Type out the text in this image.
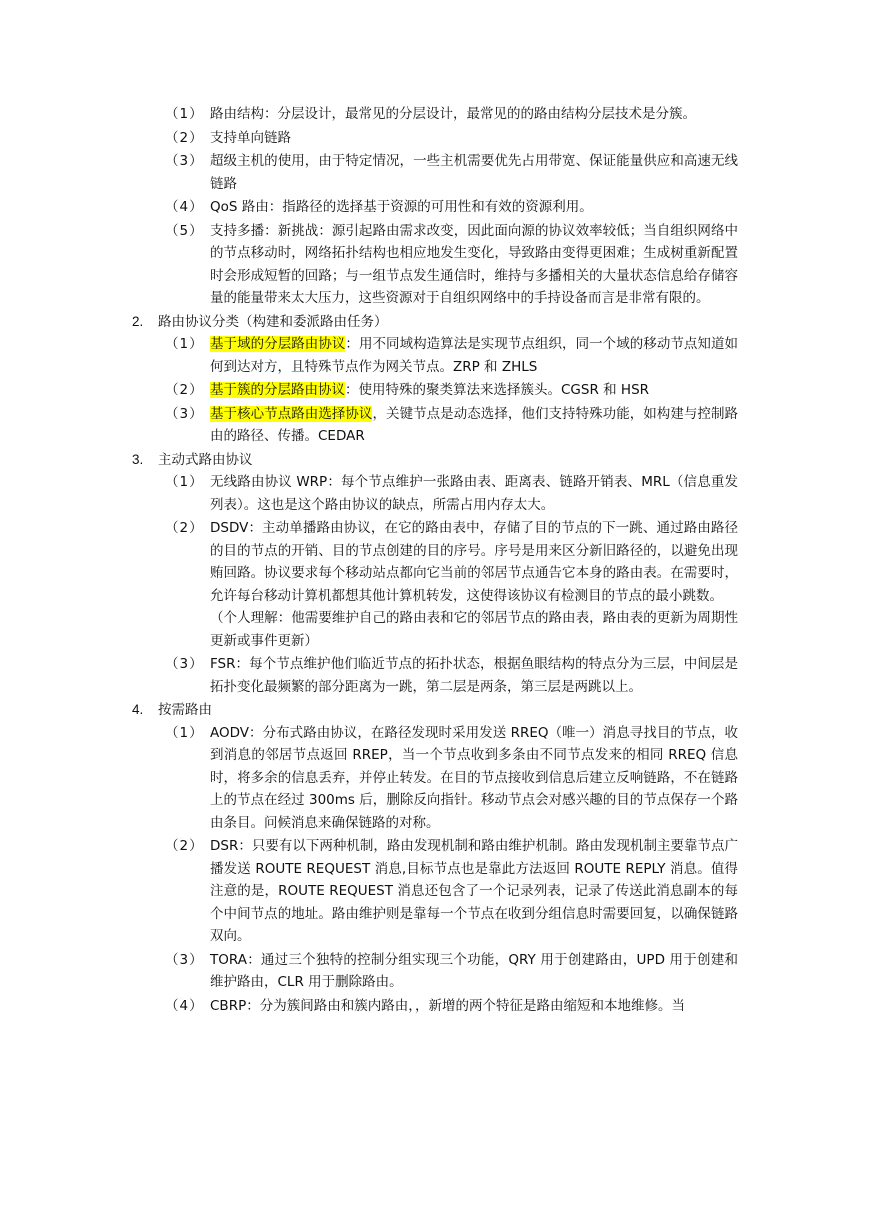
（1） 路由结构：分层设计，最常见的分层设计，最常见的的路由结构分层技术是分簇。
（2） 支持单向链路
（3） 超级主机的使用，由于特定情况，一些主机需要优先占用带宽、保证能量供应和高速无线链路
（4） QoS 路由：指路径的选择基于资源的可用性和有效的资源利用。
（5） 支持多播：新挑战：源引起路由需求改变，因此面向源的协议效率较低；当自组织网络中的节点移动时，网络拓扑结构也相应地发生变化，导致路由变得更困难；生成树重新配置时会形成短暂的回路；与一组节点发生通信时，维持与多播相关的大量状态信息给存储容量的能量带来太大压力，这些资源对于自组织网络中的手持设备而言是非常有限的。
2. 路由协议分类（构建和委派路由任务）
（1） 基于域的分层路由协议：用不同域构造算法是实现节点组织，同一个域的移动节点知道如何到达对方，且特殊节点作为网关节点。ZRP 和 ZHLS
（2） 基于簇的分层路由协议：使用特殊的聚类算法来选择簇头。CGSR 和 HSR
（3） 基于核心节点路由选择协议，关键节点是动态选择，他们支持特殊功能，如构建与控制路由的路径、传播。CEDAR
3. 主动式路由协议
（1） 无线路由协议 WRP：每个节点维护一张路由表、距离表、链路开销表、MRL（信息重发列表）。这也是这个路由协议的缺点，所需占用内存太大。
（2） DSDV：主动单播路由协议，在它的路由表中，存储了目的节点的下一跳、通过路由路径的目的节点的开销、目的节点创建的目的序号。序号是用来区分新旧路径的，以避免出现贿回路。协议要求每个移动站点都向它当前的邻居节点通告它本身的路由表。在需要时，允许每台移动计算机都想其他计算机转发，这使得该协议有检测目的节点的最小跳数。
（个人理解：他需要维护自己的路由表和它的邻居节点的路由表，路由表的更新为周期性更新或事件更新）
（3） FSR：每个节点维护他们临近节点的拓扑状态，根据鱼眼结构的特点分为三层，中间层是拓扑变化最频繁的部分距离为一跳，第二层是两条，第三层是两跳以上。
4. 按需路由
（1） AODV：分布式路由协议，在路径发现时采用发送 RREQ（唯一）消息寻找目的节点，收到消息的邻居节点返回 RREP，当一个节点收到多条由不同节点发来的相同 RREQ 信息时，将多余的信息丢弃，并停止转发。在目的节点接收到信息后建立反响链路，不在链路上的节点在经过 300ms 后，删除反向指针。移动节点会对感兴趣的目的节点保存一个路由条目。问候消息来确保链路的对称。
（2） DSR：只要有以下两种机制，路由发现机制和路由维护机制。路由发现机制主要靠节点广播发送 ROUTE REQUEST 消息,目标节点也是靠此方法返回 ROUTE REPLY 消息。值得注意的是，ROUTE REQUEST 消息还包含了一个记录列表，记录了传送此消息副本的每个中间节点的地址。路由维护则是靠每一个节点在收到分组信息时需要回复，以确保链路双向。
（3） TORA：通过三个独特的控制分组实现三个功能，QRY 用于创建路由，UPD 用于创建和维护路由，CLR 用于删除路由。
（4） CBRP：分为簇间路由和簇内路由，，新增的两个特征是路由缩短和本地维修。当
